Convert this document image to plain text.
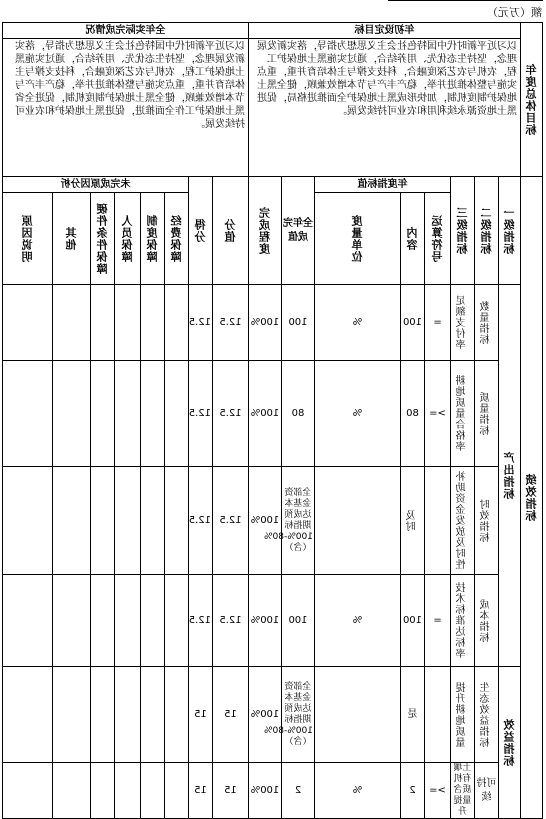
额（万元）
年度总体目标	年初设定目标								全年实际完成情况								
	以习近平新时代中国特色社会主义思想为指导，落实新发展理念，坚持生态优先、用养结合，通过实施黑土地保护工程，农机与农艺深度融合，科技支撑与主体培育并重，重点实施与整体推进并举，稳产丰产与节本增效兼顾，健全黑土地保护制度机制，加快形成黑土地保护全面推进格局，促进黑土地资源永续利用和农业可持续发展。								以习近平新时代中国特色社会主义思想为指导，落实新发展理念，坚持生态优先、用养结合，通过实施黑土地保护工程，农机与农艺深度融合，科技支撑与主体培育并重，重点实施与整体推进并举，稳产丰产与节本增效兼顾，健全黑土地保护制度机制，促进全省黑土地保护工作全面推进，促进黑土地保护和农业可持续发展。								

绩效指标	一级指标	二级指标	三级指标	年度指标值			全年完成值	完成程度	分值	得分	未完成原因分析						

				运算符号	内容	度量单位					经费保障	制度保障	人员保障	硬件条件保障	其他	原因说明

	产出指标	数量指标	足额支付率	=	100	%	100	100%	12.5	12.5							

		质量指标	耕地质量合格率	>=	80	%	80	100%	12.5	12.5							

		时效指标	补助资金发放及时性		及时		全部资金基本达成预期指标100%-80%（含）	100%	12.5	12.5							

		成本指标	技术标准达标率	=	100	%	100	100%	12.5	12.5							

	效益指标	生态效益指标	提升耕地质量		是		全部资金基本达成预期指标100%-80%（含）	100%	15	15							
		可持续	土壤有机质含量提升	>=	2	%	2	100%	15	15							
